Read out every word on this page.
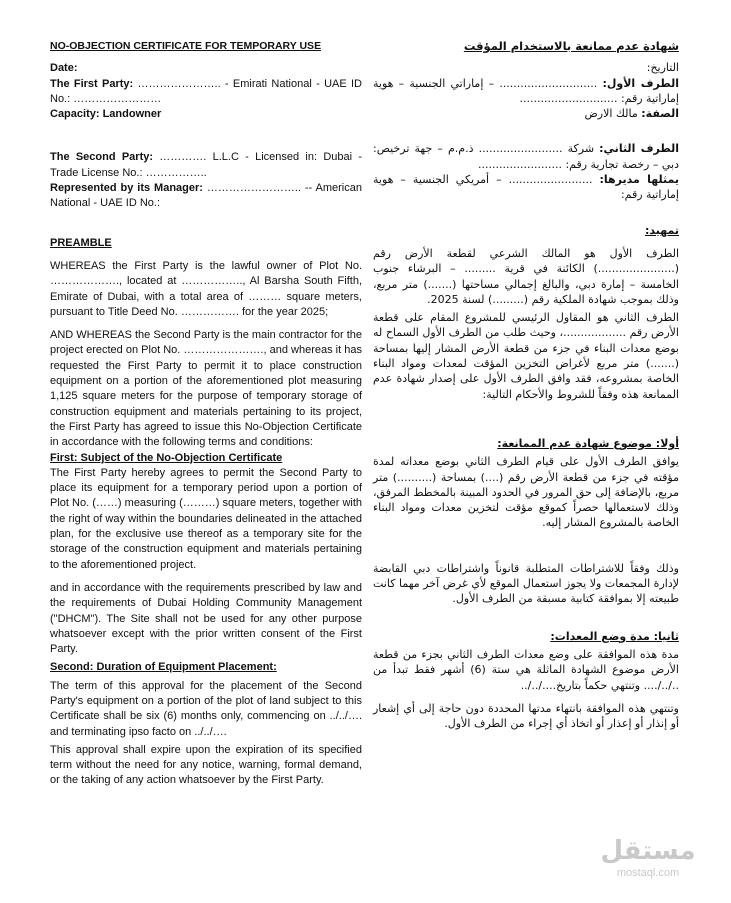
NO-OBJECTION CERTIFICATE FOR TEMPORARY USE

Date:

The First Party: ………………….. - Emirati National - UAE ID No.: ……………………

Capacity: Landowner

The Second Party: …………. L.L.C - Licensed in: Dubai - Trade License No.: ……………..

Represented by its Manager: …………………….. -- American National - UAE ID No.:

PREAMBLE

WHEREAS the First Party is the lawful owner of Plot No. ………………., located at …………….., Al Barsha South Fifth, Emirate of Dubai, with a total area of ……… square meters, pursuant to Title Deed No. ……………. for the year 2025;

AND WHEREAS the Second Party is the main contractor for the project erected on Plot No. …………………., and whereas it has requested the First Party to permit it to place construction equipment on a portion of the aforementioned plot measuring 1,125 square meters for the purpose of temporary storage of construction equipment and materials pertaining to its project, the First Party has agreed to issue this No-Objection Certificate in accordance with the following terms and conditions:

First: Subject of the No-Objection Certificate

The First Party hereby agrees to permit the Second Party to place its equipment for a temporary period upon a portion of Plot No. (……) measuring (………) square meters, together with the right of way within the boundaries delineated in the attached plan, for the exclusive use thereof as a temporary site for the storage of the construction equipment and materials pertaining to the aforementioned project.

and in accordance with the requirements prescribed by law and the requirements of Dubai Holding Community Management ("DHCM"). The Site shall not be used for any other purpose whatsoever except with the prior written consent of the First Party.

Second: Duration of Equipment Placement:

The term of this approval for the placement of the Second Party's equipment on a portion of the plot of land subject to this Certificate shall be six (6) months only, commencing on ../../…. and terminating ipso facto on ../../….

This approval shall expire upon the expiration of its specified term without the need for any notice, warning, formal demand, or the taking of any action whatsoever by the First Party.

شهادة عدم ممانعة بالاستخدام المؤقت

التاريخ:

الطرف الأول: ............................ – إماراتي الجنسية – هوية إماراتية رقم: ............................

الصفة: مالك الارض

الطرف الثاني: شركة ........................ ذ.م.م – جهة ترخيص: دبي – رخصة تجارية رقم: ........................

يمثلها مديرها: ........................ – أمريكي الجنسية – هوية إماراتية رقم:

تمهيد:

الطرف الأول هو المالك الشرعي لقطعة الأرض رقم (......................) الكائنة في قرية ......... – البرشاء جنوب الخامسة – إمارة دبي، والبالغ إجمالي مساحتها (.......) متر مربع، وذلك بموجب شهادة الملكية رقم (.........) لسنة 2025.

الطرف الثاني هو المقاول الرئيسي للمشروع المقام على قطعة الأرض رقم ..................، وحيث طلب من الطرف الأول السماح له بوضع معدات البناء في جزء من قطعة الأرض المشار إليها بمساحة (.......) متر مربع لأغراض التخزين المؤقت لمعدات ومواد البناء الخاصة بمشروعه، فقد وافق الطرف الأول على إصدار شهادة عدم الممانعة هذه وفقاً للشروط والأحكام التالية:

أولا: موضوع شهادة عدم الممانعة:

يوافق الطرف الأول على قيام الطرف الثاني بوضع معداته لمدة مؤقته في جزء من قطعة الأرض رقم (....) بمساحة (..........) متر مربع، بالإضافة إلى حق المرور في الحدود المبينة بالمخطط المرفق، وذلك لاستعمالها حصراً كموقع مؤقت لتخزين معدات ومواد البناء الخاصة بالمشروع المشار إليه.

وذلك وفقاً للاشتراطات المتطلبة قانوناً واشتراطات دبي القابضة لإدارة المجمعات ولا يجوز استعمال الموقع لأي غرض آخر مهما كانت طبيعته إلا بموافقة كتابية مسبقة من الطرف الأول.

ثانيا: مدة وضع المعدات:

مدة هذه الموافقة على وضع معدات الطرف الثاني بجزء من قطعة الأرض موضوع الشهادة الماثلة هي ستة (6) أشهر فقط تبدأ من ../../.... وتنتهي حكماً بتاريخ..../../..

وتنتهي هذه الموافقة بانتهاء مدتها المحددة دون حاجة إلى أي إشعار أو إنذار أو إعذار أو اتخاذ أي إجراء من الطرف الأول.

مستقل
mostaql.com
